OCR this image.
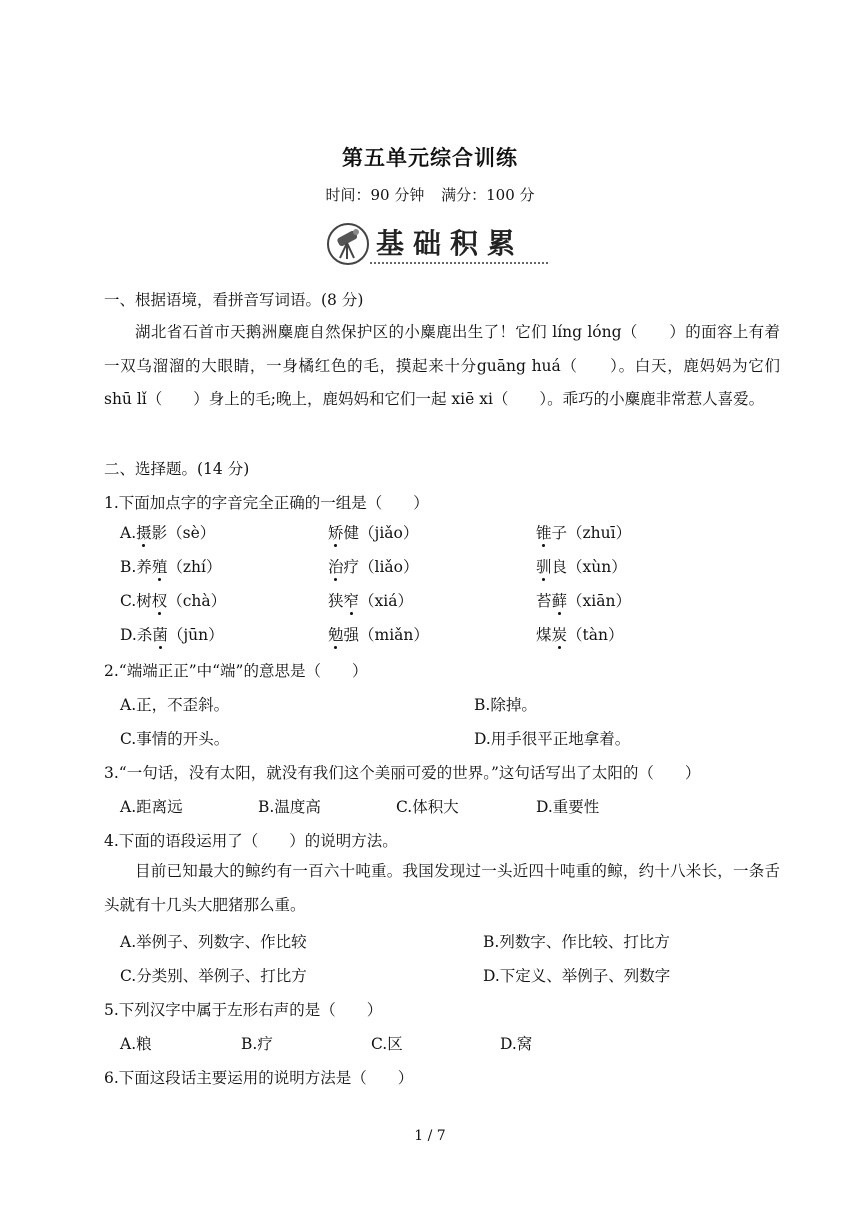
第五单元综合训练
时间：90 分钟 满分：100 分
基础积累
一、根据语境，看拼音写词语。(8 分)
湖北省石首市天鹅洲麋鹿自然保护区的小麋鹿出生了！它们 líng lóng（　　）的面容上有着一双乌溜溜的大眼睛，一身橘红色的毛，摸起来十分guāng huá（　　）。白天，鹿妈妈为它们 shū lǐ（　　）身上的毛;晚上，鹿妈妈和它们一起 xiē xi（　　）。乖巧的小麋鹿非常惹人喜爱。
二、选择题。(14 分)
1.下面加点字的字音完全正确的一组是（　　）
A.摄影（sè）	矫健（jiǎo）	锥子（zhuī）
B.养殖（zhí）	治疗（liǎo）	驯良（xùn）
C.树杈（chà）	狭窄（xiá）	苔藓（xiān）
D.杀菌（jūn）	勉强（miǎn）	煤炭（tàn）
2.“端端正正”中“端”的意思是（　　）
A.正，不歪斜。	B.除掉。
C.事情的开头。	D.用手很平正地拿着。
3.“一句话，没有太阳，就没有我们这个美丽可爱的世界。”这句话写出了太阳的（　　）
A.距离远	B.温度高	C.体积大	D.重要性
4.下面的语段运用了（　　）的说明方法。
目前已知最大的鲸约有一百六十吨重。我国发现过一头近四十吨重的鲸，约十八米长，一条舌头就有十几头大肥猪那么重。
A.举例子、列数字、作比较	B.列数字、作比较、打比方
C.分类别、举例子、打比方	D.下定义、举例子、列数字
5.下列汉字中属于左形右声的是（　　）
A.粮	B.疗	C.区	D.窝
6.下面这段话主要运用的说明方法是（　　）
1 / 7
